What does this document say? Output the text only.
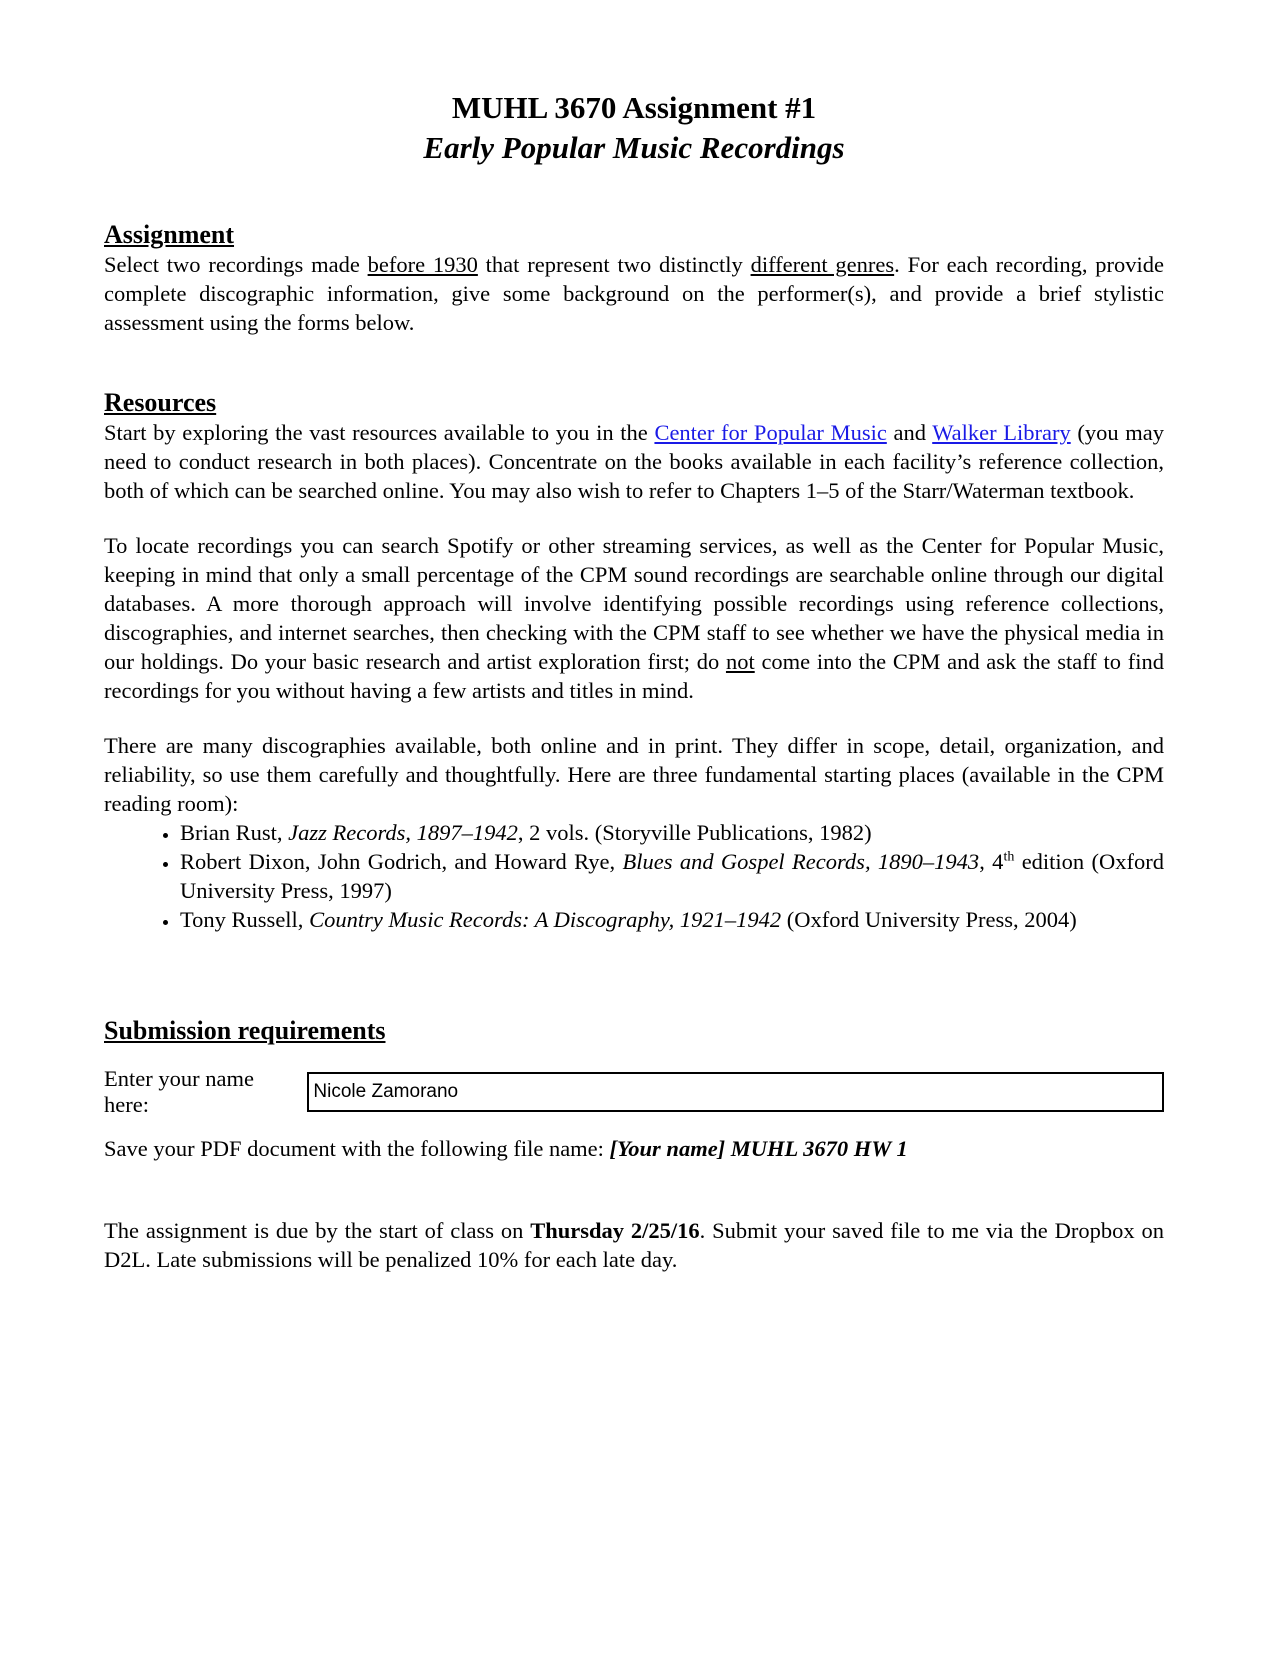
MUHL 3670 Assignment #1
Early Popular Music Recordings
Assignment

Select two recordings made before 1930 that represent two distinctly different genres. For each recording, provide complete discographic information, give some background on the performer(s), and provide a brief stylistic assessment using the forms below.

Resources

Start by exploring the vast resources available to you in the Center for Popular Music and Walker Library (you may need to conduct research in both places). Concentrate on the books available in each facility’s reference collection, both of which can be searched online. You may also wish to refer to Chapters 1–5 of the Starr/Waterman textbook.

To locate recordings you can search Spotify or other streaming services, as well as the Center for Popular Music, keeping in mind that only a small percentage of the CPM sound recordings are searchable online through our digital databases. A more thorough approach will involve identifying possible recordings using reference collections, discographies, and internet searches, then checking with the CPM staff to see whether we have the physical media in our holdings. Do your basic research and artist exploration first; do not come into the CPM and ask the staff to find recordings for you without having a few artists and titles in mind.

There are many discographies available, both online and in print. They differ in scope, detail, organization, and reliability, so use them carefully and thoughtfully. Here are three fundamental starting places (available in the CPM reading room):

• Brian Rust, Jazz Records, 1897–1942, 2 vols. (Storyville Publications, 1982)
• Robert Dixon, John Godrich, and Howard Rye, Blues and Gospel Records, 1890–1943, 4th edition (Oxford University Press, 1997)
• Tony Russell, Country Music Records: A Discography, 1921–1942 (Oxford University Press, 2004)
Submission requirements
Enter your name here:
Nicole Zamorano

Save your PDF document with the following file name: [Your name] MUHL 3670 HW 1

The assignment is due by the start of class on Thursday 2/25/16. Submit your saved file to me via the Dropbox on D2L. Late submissions will be penalized 10% for each late day.
